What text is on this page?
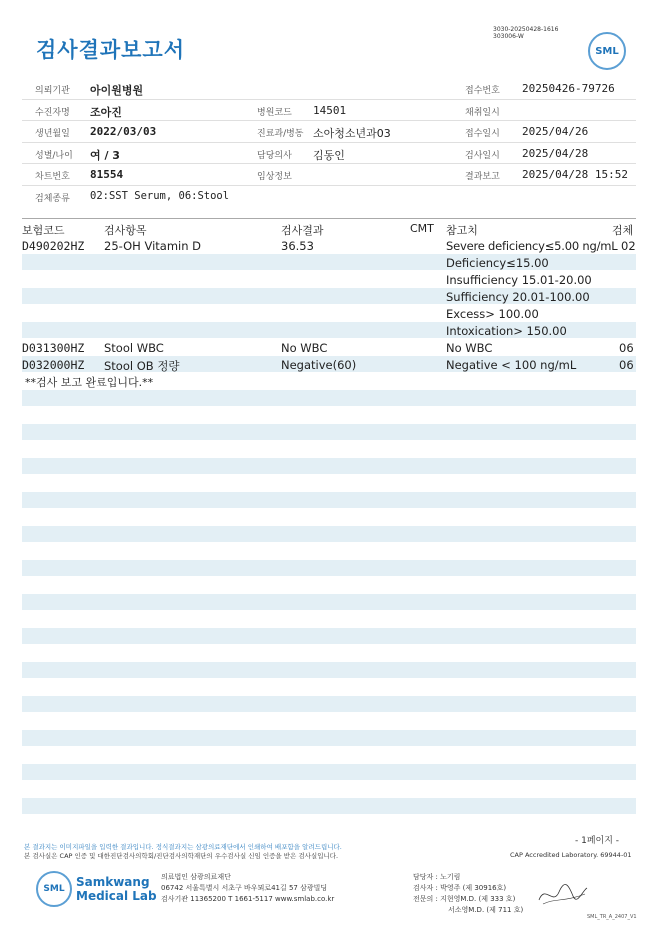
검사결과보고서
3030-20250428-1616
303006-W
SML
의뢰기관 아이원병원	접수번호 20250426-79726
수진자명 조아진	병원코드 14501	채취일시
생년월일 2022/03/03	진료과/병동 소아청소년과03	접수일시 2025/04/26
성별/나이 여 / 3	담당의사 김동인	검사일시 2025/04/28
차트번호 81554	임상정보	결과보고 2025/04/28 15:52
검체종류 02:SST Serum, 06:Stool
보험코드	검사항목	검사결과	CMT 참고치	검체
D490202HZ 25-OH Vitamin D	36.53	Severe deficiency≤5.00 ng/mL 02
Deficiency≤15.00
Insufficiency 15.01-20.00
Sufficiency 20.01-100.00
Excess> 100.00
Intoxication> 150.00
D031300HZ Stool WBC	No WBC	No WBC	06
D032000HZ Stool OB 정량	Negative(60)	Negative < 100 ng/mL	06
**검사 보고 완료입니다.**
- 1페이지 -
본 결과지는 이미지파일을 입력한 결과입니다. 정식결과지는 삼광의료재단에서 인쇄하여 배포함을 알려드립니다.
본 검사실은 CAP 인증 및 대한진단검사의학회/진단검사의학재단의 우수검사실 신임 인증을 받은 검사실입니다.	CAP Accredited Laboratory. 69944-01
SML Samkwang
Medical Lab
의료법인 삼광의료재단
06742 서울특별시 서초구 바우뫼로41길 57 삼광빌딩
검사기관 11365200 T 1661-5117 www.smlab.co.kr
담당자 : 노기림
검사자 : 박영주 (제 30916호)
전문의 : 지현영M.D. (제 333 호)
서소영M.D. (제 711 호)
SML_TR_A_2407_V1
